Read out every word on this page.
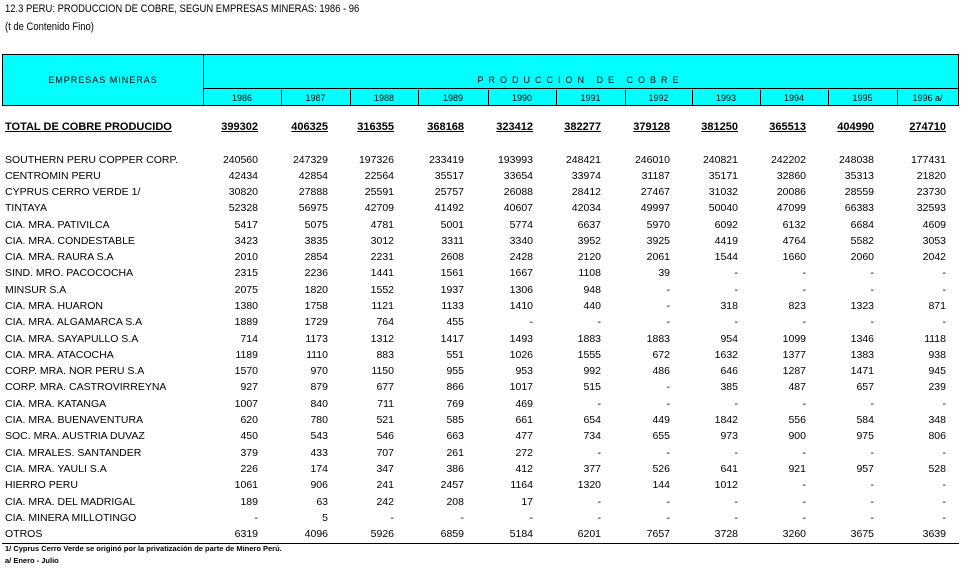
12.3 PERU: PRODUCCION DE COBRE, SEGUN EMPRESAS MINERAS: 1986 - 96
(t de Contenido Fino)
EMPRESAS MINERAS	PRODUCCION DE COBRE
1986	1987	1988	1989	1990	1991	1992	1993	1994	1995	1996 a/
TOTAL DE COBRE PRODUCIDO	399302	406325	316355	368168	323412	382277	379128	381250	365513	404990	274710
SOUTHERN PERU COPPER CORP.	240560	247329	197326	233419	193993	248421	246010	240821	242202	248038	177431
CENTROMIN PERU	42434	42854	22564	35517	33654	33974	31187	35171	32860	35313	21820
CYPRUS CERRO VERDE 1/	30820	27888	25591	25757	26088	28412	27467	31032	20086	28559	23730
TINTAYA	52328	56975	42709	41492	40607	42034	49997	50040	47099	66383	32593
CIA. MRA. PATIVILCA	5417	5075	4781	5001	5774	6637	5970	6092	6132	6684	4609
CIA. MRA. CONDESTABLE	3423	3835	3012	3311	3340	3952	3925	4419	4764	5582	3053
CIA. MRA. RAURA S.A	2010	2854	2231	2608	2428	2120	2061	1544	1660	2060	2042
SIND. MRO. PACOCOCHA	2315	2236	1441	1561	1667	1108	39	-	-	-	-
MINSUR S.A	2075	1820	1552	1937	1306	948	-	-	-	-	-
CIA. MRA. HUARON	1380	1758	1121	1133	1410	440	-	318	823	1323	871
CIA. MRA. ALGAMARCA S.A	1889	1729	764	455	-	-	-	-	-	-	-
CIA. MRA. SAYAPULLO S.A	714	1173	1312	1417	1493	1883	1883	954	1099	1346	1118
CIA. MRA. ATACOCHA	1189	1110	883	551	1026	1555	672	1632	1377	1383	938
CORP. MRA. NOR PERU S.A	1570	970	1150	955	953	992	486	646	1287	1471	945
CORP. MRA. CASTROVIRREYNA	927	879	677	866	1017	515	-	385	487	657	239
CIA. MRA. KATANGA	1007	840	711	769	469	-	-	-	-	-	-
CIA. MRA. BUENAVENTURA	620	780	521	585	661	654	449	1842	556	584	348
SOC. MRA. AUSTRIA DUVAZ	450	543	546	663	477	734	655	973	900	975	806
CIA. MRALES. SANTANDER	379	433	707	261	272	-	-	-	-	-	-
CIA. MRA. YAULI S.A	226	174	347	386	412	377	526	641	921	957	528
HIERRO PERU	1061	906	241	2457	1164	1320	144	1012	-	-	-
CIA. MRA. DEL MADRIGAL	189	63	242	208	17	-	-	-	-	-	-
CIA. MINERA MILLOTINGO	-	5	-	-	-	-	-	-	-	-	-
OTROS	6319	4096	5926	6859	5184	6201	7657	3728	3260	3675	3639
1/ Cyprus Cerro Verde se originó por la privatización de parte de Minero Perú.
a/ Enero - Julio
